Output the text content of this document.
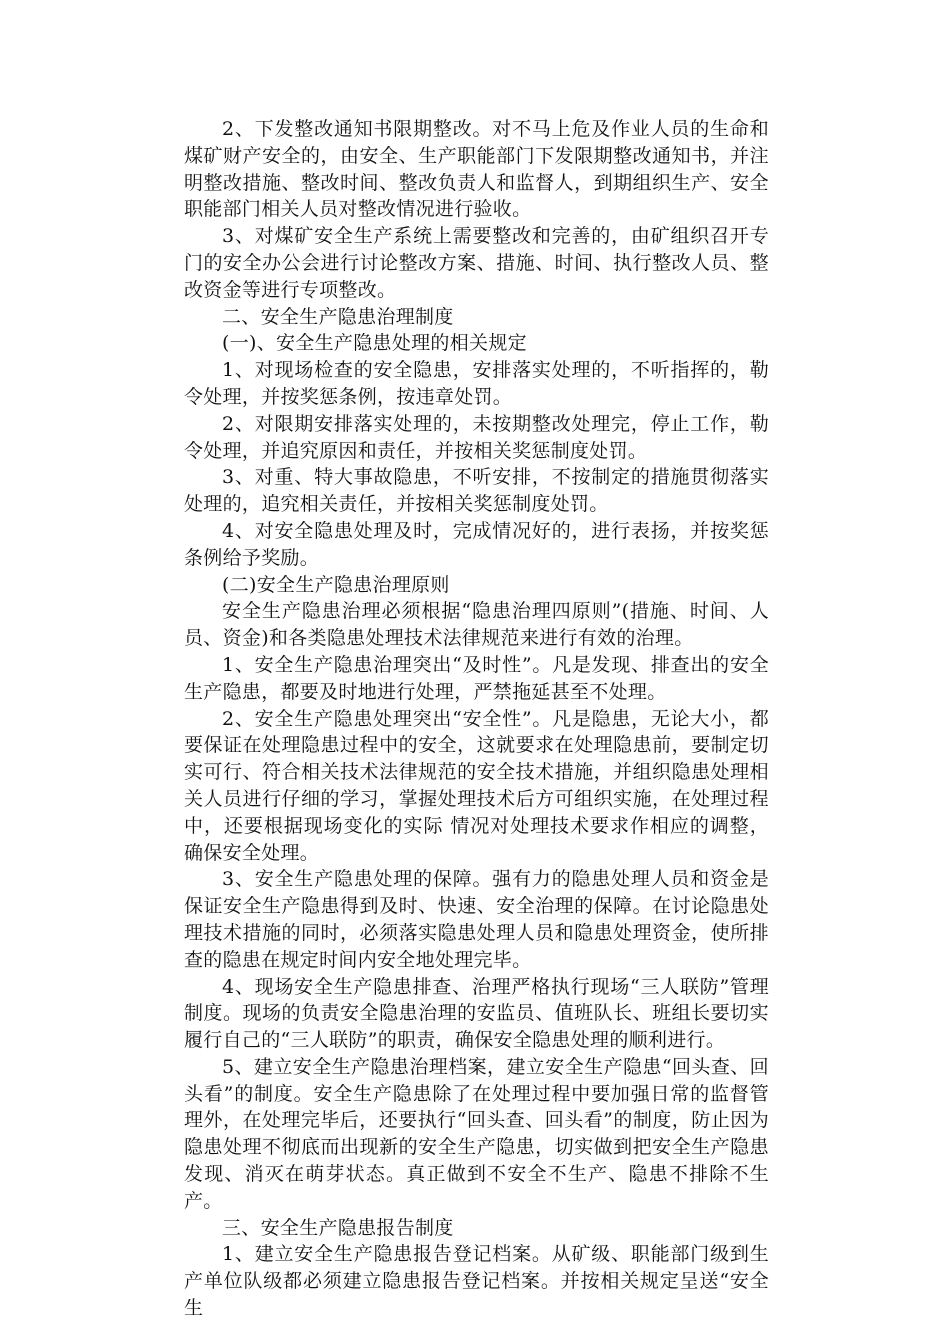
2、下发整改通知书限期整改。对不马上危及作业人员的生命和煤矿财产安全的，由安全、生产职能部门下发限期整改通知书，并注明整改措施、整改时间、整改负责人和监督人，到期组织生产、安全职能部门相关人员对整改情况进行验收。

3、对煤矿安全生产系统上需要整改和完善的，由矿组织召开专门的安全办公会进行讨论整改方案、措施、时间、执行整改人员、整改资金等进行专项整改。

二、安全生产隐患治理制度

(一)、安全生产隐患处理的相关规定

1、对现场检查的安全隐患，安排落实处理的，不听指挥的，勒令处理，并按奖惩条例，按违章处罚。

2、对限期安排落实处理的，未按期整改处理完，停止工作，勒令处理，并追究原因和责任，并按相关奖惩制度处罚。

3、对重、特大事故隐患，不听安排，不按制定的措施贯彻落实处理的，追究相关责任，并按相关奖惩制度处罚。

4、对安全隐患处理及时，完成情况好的，进行表扬，并按奖惩条例给予奖励。

(二)安全生产隐患治理原则

安全生产隐患治理必须根据“隐患治理四原则”(措施、时间、人员、资金)和各类隐患处理技术法律规范来进行有效的治理。

1、安全生产隐患治理突出“及时性”。凡是发现、排查出的安全生产隐患，都要及时地进行处理，严禁拖延甚至不处理。

2、安全生产隐患处理突出“安全性”。凡是隐患，无论大小，都要保证在处理隐患过程中的安全，这就要求在处理隐患前，要制定切实可行、符合相关技术法律规范的安全技术措施，并组织隐患处理相关人员进行仔细的学习，掌握处理技术后方可组织实施，在处理过程中，还要根据现场变化的实际 情况对处理技术要求作相应的调整，确保安全处理。

3、安全生产隐患处理的保障。强有力的隐患处理人员和资金是保证安全生产隐患得到及时、快速、安全治理的保障。在讨论隐患处理技术措施的同时，必须落实隐患处理人员和隐患处理资金，使所排查的隐患在规定时间内安全地处理完毕。

4、现场安全生产隐患排查、治理严格执行现场“三人联防”管理制度。现场的负责安全隐患治理的安监员、值班队长、班组长要切实履行自己的“三人联防”的职责，确保安全隐患处理的顺利进行。

5、建立安全生产隐患治理档案，建立安全生产隐患“回头查、回头看”的制度。安全生产隐患除了在处理过程中要加强日常的监督管理外，在处理完毕后，还要执行“回头查、回头看”的制度，防止因为隐患处理不彻底而出现新的安全生产隐患，切实做到把安全生产隐患发现、消灭在萌芽状态。真正做到不安全不生产、隐患不排除不生产。

三、安全生产隐患报告制度

1、建立安全生产隐患报告登记档案。从矿级、职能部门级到生产单位队级都必须建立隐患报告登记档案。并按相关规定呈送“安全生
